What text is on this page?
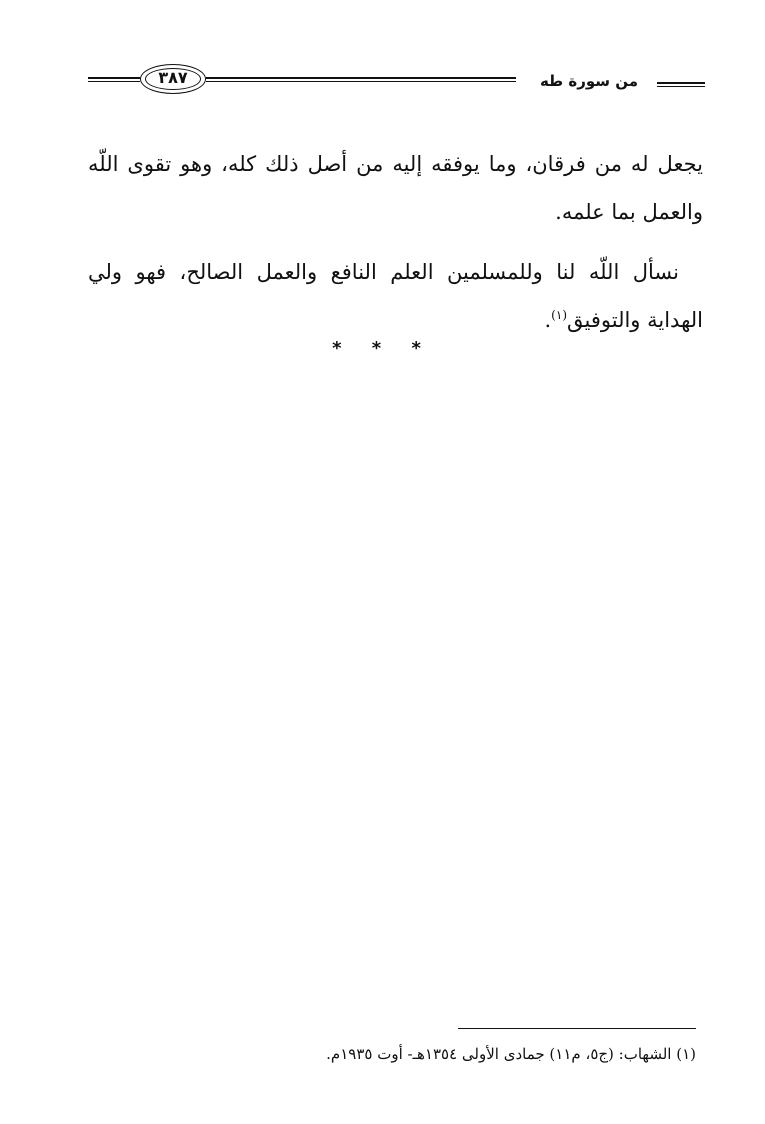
٣٨٧	من سورة طه

يجعل له من فرقان، وما يوفقه إليه من أصل ذلك كله، وهو تقوى اللّه والعمل بما علمه.

نسأل اللّه لنا وللمسلمين العلم النافع والعمل الصالح، فهو ولي الهداية والتوفيق$^{(١)}$.

* * *
(١) الشهاب: (ج٥، م١١) جمادى الأولى ١٣٥٤هـ- أوت ١٩٣٥م.
